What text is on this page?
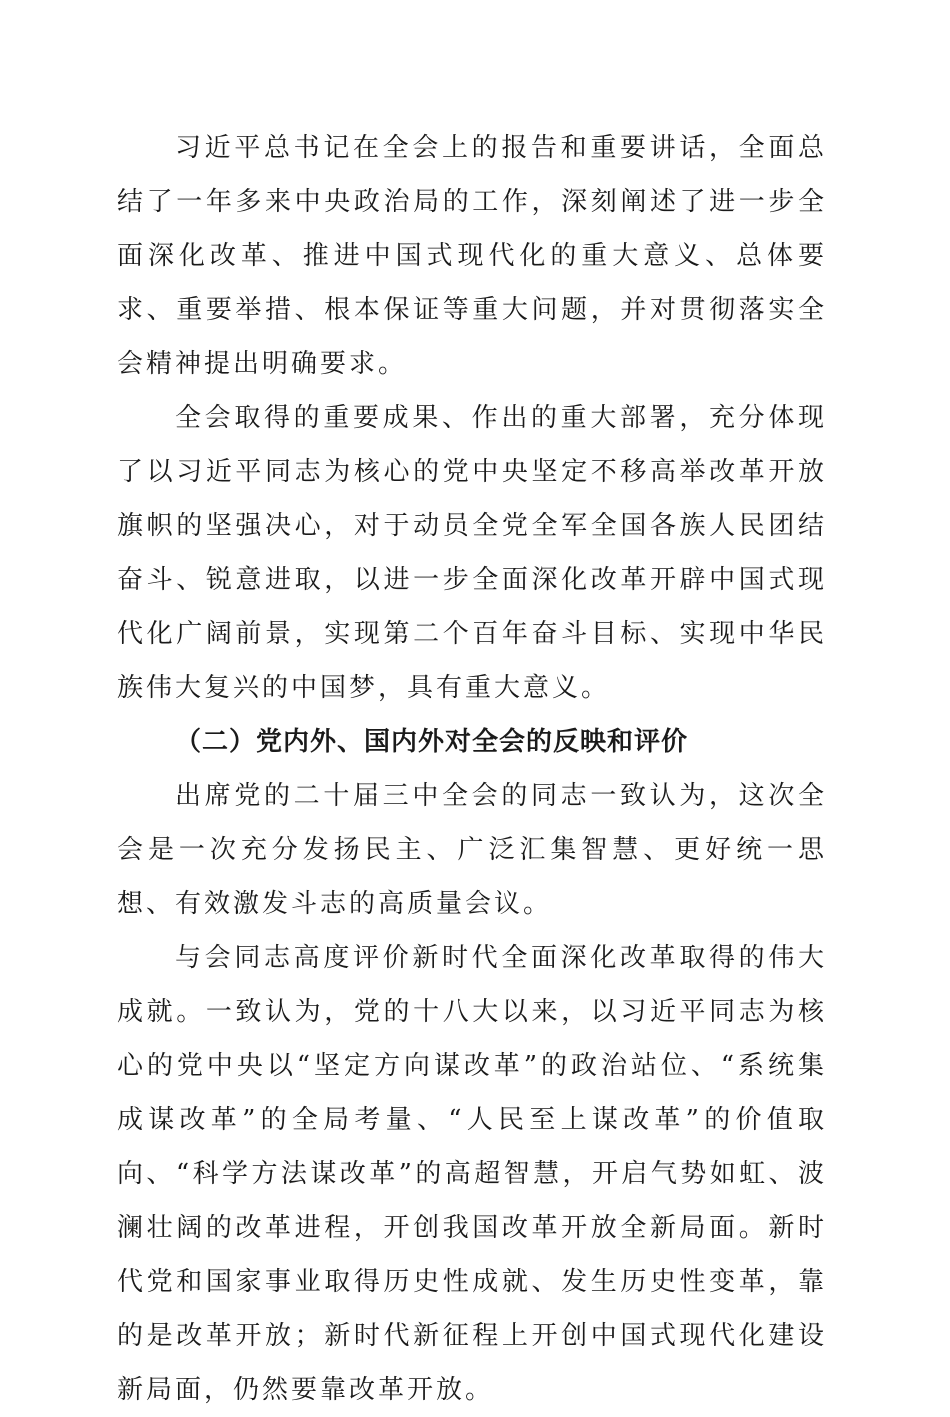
习近平总书记在全会上的报告和重要讲话，全面总结了一年多来中央政治局的工作，深刻阐述了进一步全面深化改革、推进中国式现代化的重大意义、总体要求、重要举措、根本保证等重大问题，并对贯彻落实全会精神提出明确要求。

全会取得的重要成果、作出的重大部署，充分体现了以习近平同志为核心的党中央坚定不移高举改革开放旗帜的坚强决心，对于动员全党全军全国各族人民团结奋斗、锐意进取，以进一步全面深化改革开辟中国式现代化广阔前景，实现第二个百年奋斗目标、实现中华民族伟大复兴的中国梦，具有重大意义。

（二）党内外、国内外对全会的反映和评价

出席党的二十届三中全会的同志一致认为，这次全会是一次充分发扬民主、广泛汇集智慧、更好统一思想、有效激发斗志的高质量会议。

与会同志高度评价新时代全面深化改革取得的伟大成就。一致认为，党的十八大以来，以习近平同志为核心的党中央以“坚定方向谋改革”的政治站位、“系统集成谋改革”的全局考量、“人民至上谋改革”的价值取向、“科学方法谋改革”的高超智慧，开启气势如虹、波澜壮阔的改革进程，开创我国改革开放全新局面。新时代党和国家事业取得历史性成就、发生历史性变革，靠的是改革开放；新时代新征程上开创中国式现代化建设新局面，仍然要靠改革开放。
